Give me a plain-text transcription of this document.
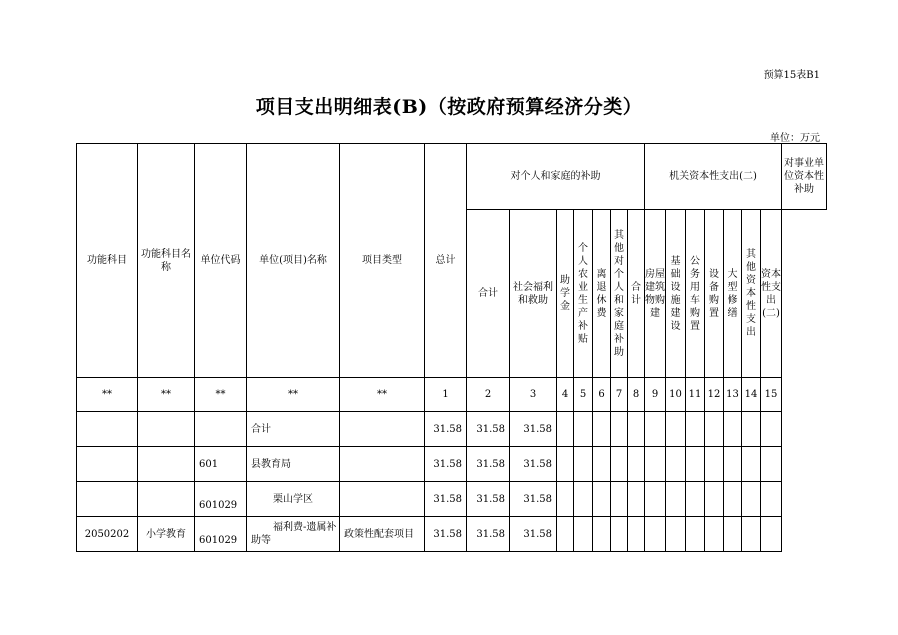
预算15表B1
项目支出明细表(B)（按政府预算经济分类）
单位：万元
功能科目	功能科目名称	单位代码	单位(项目)名称	项目类型	总计	对个人和家庭的补助							机关资本性支出(二)							对事业单位资本性补助
						合计	社会福利和救助	助学金	个人农业生产补贴	离退休费	其他对个人和家庭补助	合计	房屋建筑物购建	基础设施建设	公务用车购置	设备购置	大型修缮	其他资本性支出	资本性支出(二)	
**	**	**	**	**	1	2	3	4	5	6	7	8	9	10	11	12	13	14	15	
			合计		31.58	31.58	31.58													
		601	县教育局		31.58	31.58	31.58													
		601029	栗山学区		31.58	31.58	31.58													
2050202	小学教育	601029	福利费-遗属补助等	政策性配套项目	31.58	31.58	31.58													
